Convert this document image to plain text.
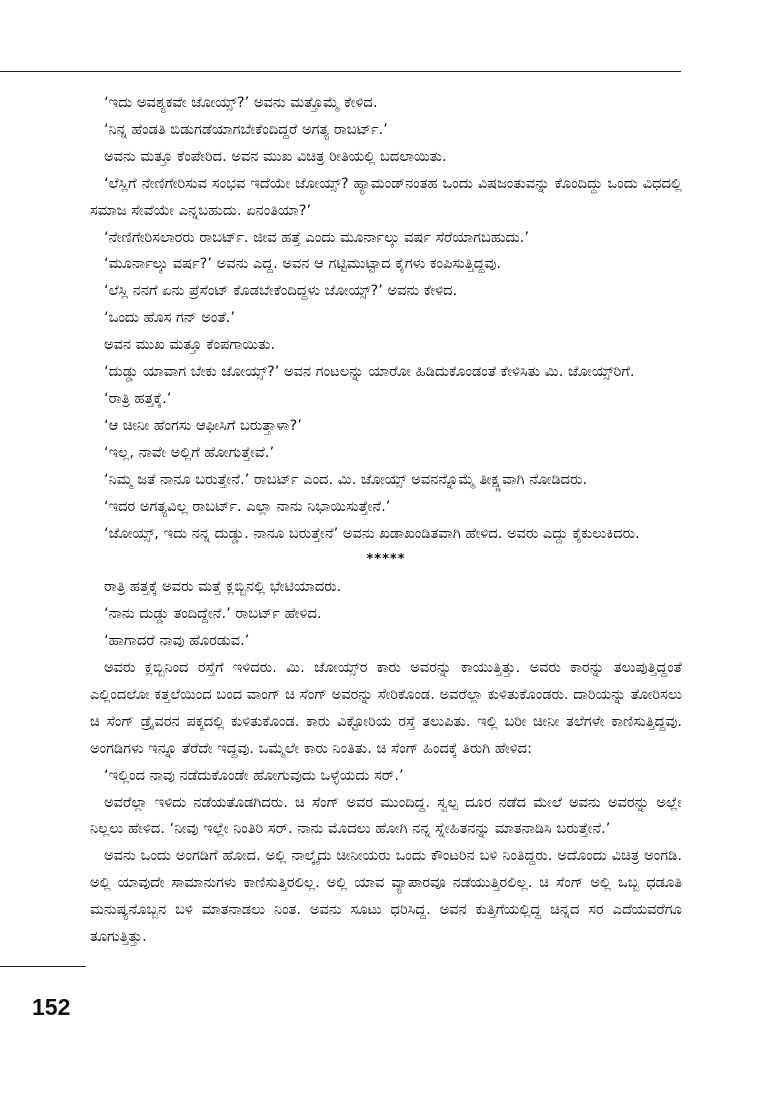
‘ಇದು ಅವಶ್ಯಕವೇ ಜೋಯ್ಸ್?’ ಅವನು ಮತ್ತೊಮ್ಮೆ ಕೇಳಿದ.

‘ನಿನ್ನ ಹೆಂಡತಿ ಬಿಡುಗಡೆಯಾಗಬೇಕೆಂದಿದ್ದರೆ ಅಗತ್ಯ ರಾಬರ್ಟ್.’

ಅವನು ಮತ್ತೂ ಕೆಂಪೇರಿದ. ಅವನ ಮುಖ ವಿಚಿತ್ರ ರೀತಿಯಲ್ಲಿ ಬದಲಾಯಿತು.

‘ಲೆಸ್ಲಿಗೆ ನೇಣಿಗೇರಿಸುವ ಸಂಭವ ಇದೆಯೇ ಜೋಯ್ಸ್? ಹ್ಯಾಮಂಡ್‌ನಂತಹ ಒಂದು ವಿಷಜಂತುವನ್ನು ಕೊಂದಿದ್ದು ಒಂದು ವಿಧದಲ್ಲಿ ಸಮಾಜ ಸೇವೆಯೇ ಎನ್ನಬಹುದು. ಏನಂತಿಯಾ?’

‘ನೇಣಿಗೇರಿಸಲಾರರು ರಾಬರ್ಟ್. ಜೀವ ಹತ್ತೆ ಎಂದು ಮೂರ್ನಾಲ್ಕು ವರ್ಷ ಸೆರೆಯಾಗಬಹುದು.’

‘ಮೂರ್ನಾಲ್ಕು ವರ್ಷ?’ ಅವನು ಎದ್ದ. ಅವನ ಆ ಗಟ್ಟಿಮುಟ್ಟಾದ ಕೈಗಳು ಕಂಪಿಸುತ್ತಿದ್ದವು.

‘ಲೆಸ್ಲಿ ನನಗೆ ಏನು ಪ್ರೆಸೆಂಟ್ ಕೊಡಬೇಕೆಂದಿದ್ದಳು ಜೋಯ್ಸ್?’ ಅವನು ಕೇಳಿದ.

‘ಒಂದು ಹೊಸ ಗನ್ ಅಂತೆ.’

ಅವನ ಮುಖ ಮತ್ತೂ ಕೆಂಪಗಾಯಿತು.

‘ದುಡ್ಡು ಯಾವಾಗ ಬೇಕು ಜೋಯ್ಸ್?’ ಅವನ ಗಂಟಲನ್ನು ಯಾರೋ ಹಿಡಿದುಕೊಂಡಂತೆ ಕೇಳಿಸಿತು ಮಿ. ಜೋಯ್ಸ್‌ರಿಗೆ.

‘ರಾತ್ರಿ ಹತ್ತಕ್ಕೆ.’

‘ಆ ಚೀನೀ ಹೆಂಗಸು ಆಫೀಸಿಗೆ ಬರುತ್ತಾಳಾ?’

‘ಇಲ್ಲ, ನಾವೇ ಅಲ್ಲಿಗೆ ಹೋಗುತ್ತೇವೆ.’

‘ನಿಮ್ಮ ಜತೆ ನಾನೂ ಬರುತ್ತೇನೆ.’ ರಾಬರ್ಟ್ ಎಂದ. ಮಿ. ಜೋಯ್ಸ್ ಅವನನ್ನೊಮ್ಮೆ ತೀಕ್ಷ್ಣವಾಗಿ ನೋಡಿದರು.

‘ಇದರ ಅಗತ್ಯವಿಲ್ಲ ರಾಬರ್ಟ್. ಎಲ್ಲಾ ನಾನು ನಿಭಾಯಿಸುತ್ತೇನೆ.’

‘ಜೋಯ್ಸ್, ಇದು ನನ್ನ ದುಡ್ಡು. ನಾನೂ ಬರುತ್ತೇನೆ’ ಅವನು ಖಡಾಖಂಡಿತವಾಗಿ ಹೇಳಿದ. ಅವರು ಎದ್ದು ಕೈಕುಲುಕಿದರು.

*****

ರಾತ್ರಿ ಹತ್ತಕ್ಕೆ ಅವರು ಮತ್ತೆ ಕ್ಲಬ್ಬಿನಲ್ಲಿ ಭೇಟಿಯಾದರು.

‘ನಾನು ದುಡ್ಡು ತಂದಿದ್ದೇನೆ.’ ರಾಬರ್ಟ್ ಹೇಳಿದ.

‘ಹಾಗಾದರೆ ನಾವು ಹೊರಡುವ.’

ಅವರು ಕ್ಲಬ್ಬಿನಿಂದ ರಸ್ತೆಗೆ ಇಳಿದರು. ಮಿ. ಜೋಯ್ಸ್‌ರ ಕಾರು ಅವರನ್ನು ಕಾಯುತ್ತಿತ್ತು. ಅವರು ಕಾರನ್ನು ತಲುಪುತ್ತಿದ್ದಂತೆ ಎಲ್ಲಿಂದಲೋ ಕತ್ತಲೆಯಿಂದ ಬಂದ ವಾಂಗ್ ಚಿ ಸೆಂಗ್ ಅವರನ್ನು ಸೇರಿಕೊಂಡ. ಅವರೆಲ್ಲಾ ಕುಳಿತುಕೊಂಡರು. ದಾರಿಯನ್ನು ತೋರಿಸಲು ಚಿ ಸೆಂಗ್ ಡ್ರೈವರನ ಪಕ್ಕದಲ್ಲಿ ಕುಳಿತುಕೊಂಡ. ಕಾರು ವಿಕ್ಟೋರಿಯ ರಸ್ತೆ ತಲುಪಿತು. ಇಲ್ಲಿ ಬರೀ ಚೀನೀ ತಲೆಗಳೇ ಕಾಣಿಸುತ್ತಿದ್ದವು. ಅಂಗಡಿಗಳು ಇನ್ನೂ ತೆರೆದೇ ಇದ್ದವು. ಒಮ್ಮೆಲೇ ಕಾರು ನಿಂತಿತು. ಚಿ ಸೆಂಗ್ ಹಿಂದಕ್ಕೆ ತಿರುಗಿ ಹೇಳಿದ:

‘ಇಲ್ಲಿಂದ ನಾವು ನಡೆದುಕೊಂಡೇ ಹೋಗುವುದು ಒಳ್ಳೆಯದು ಸರ್.’

ಅವರೆಲ್ಲಾ ಇಳಿದು ನಡೆಯತೊಡಗಿದರು. ಚಿ ಸೆಂಗ್ ಅವರ ಮುಂದಿದ್ದ. ಸ್ವಲ್ಪ ದೂರ ನಡೆದ ಮೇಲೆ ಅವನು ಅವರನ್ನು ಅಲ್ಲೇ ನಿಲ್ಲಲು ಹೇಳಿದ. ‘ನೀವು ಇಲ್ಲೇ ನಿಂತಿರಿ ಸರ್. ನಾನು ಮೊದಲು ಹೋಗಿ ನನ್ನ ಸ್ನೇಹಿತನನ್ನು ಮಾತನಾಡಿಸಿ ಬರುತ್ತೇನೆ.’

ಅವನು ಒಂದು ಅಂಗಡಿಗೆ ಹೋದ. ಅಲ್ಲಿ ನಾಲ್ಕೈದು ಚೀನೀಯರು ಒಂದು ಕೌಂಟರಿನ ಬಳಿ ನಿಂತಿದ್ದರು. ಅದೊಂದು ವಿಚಿತ್ರ ಅಂಗಡಿ. ಅಲ್ಲಿ ಯಾವುದೇ ಸಾಮಾನುಗಳು ಕಾಣಿಸುತ್ತಿರಲಿಲ್ಲ. ಅಲ್ಲಿ ಯಾವ ವ್ಯಾಪಾರವೂ ನಡೆಯುತ್ತಿರಲಿಲ್ಲ. ಚಿ ಸೆಂಗ್ ಅಲ್ಲಿ ಒಬ್ಬ ಧಡೂತಿ ಮನುಷ್ಯನೊಬ್ಬನ ಬಳಿ ಮಾತನಾಡಲು ನಿಂತ. ಅವನು ಸೂಟು ಧರಿಸಿದ್ದ. ಅವನ ಕುತ್ತಿಗೆಯಲ್ಲಿದ್ದ ಚಿನ್ನದ ಸರ ಎದೆಯವರೆಗೂ ತೂಗುತ್ತಿತ್ತು.

152
